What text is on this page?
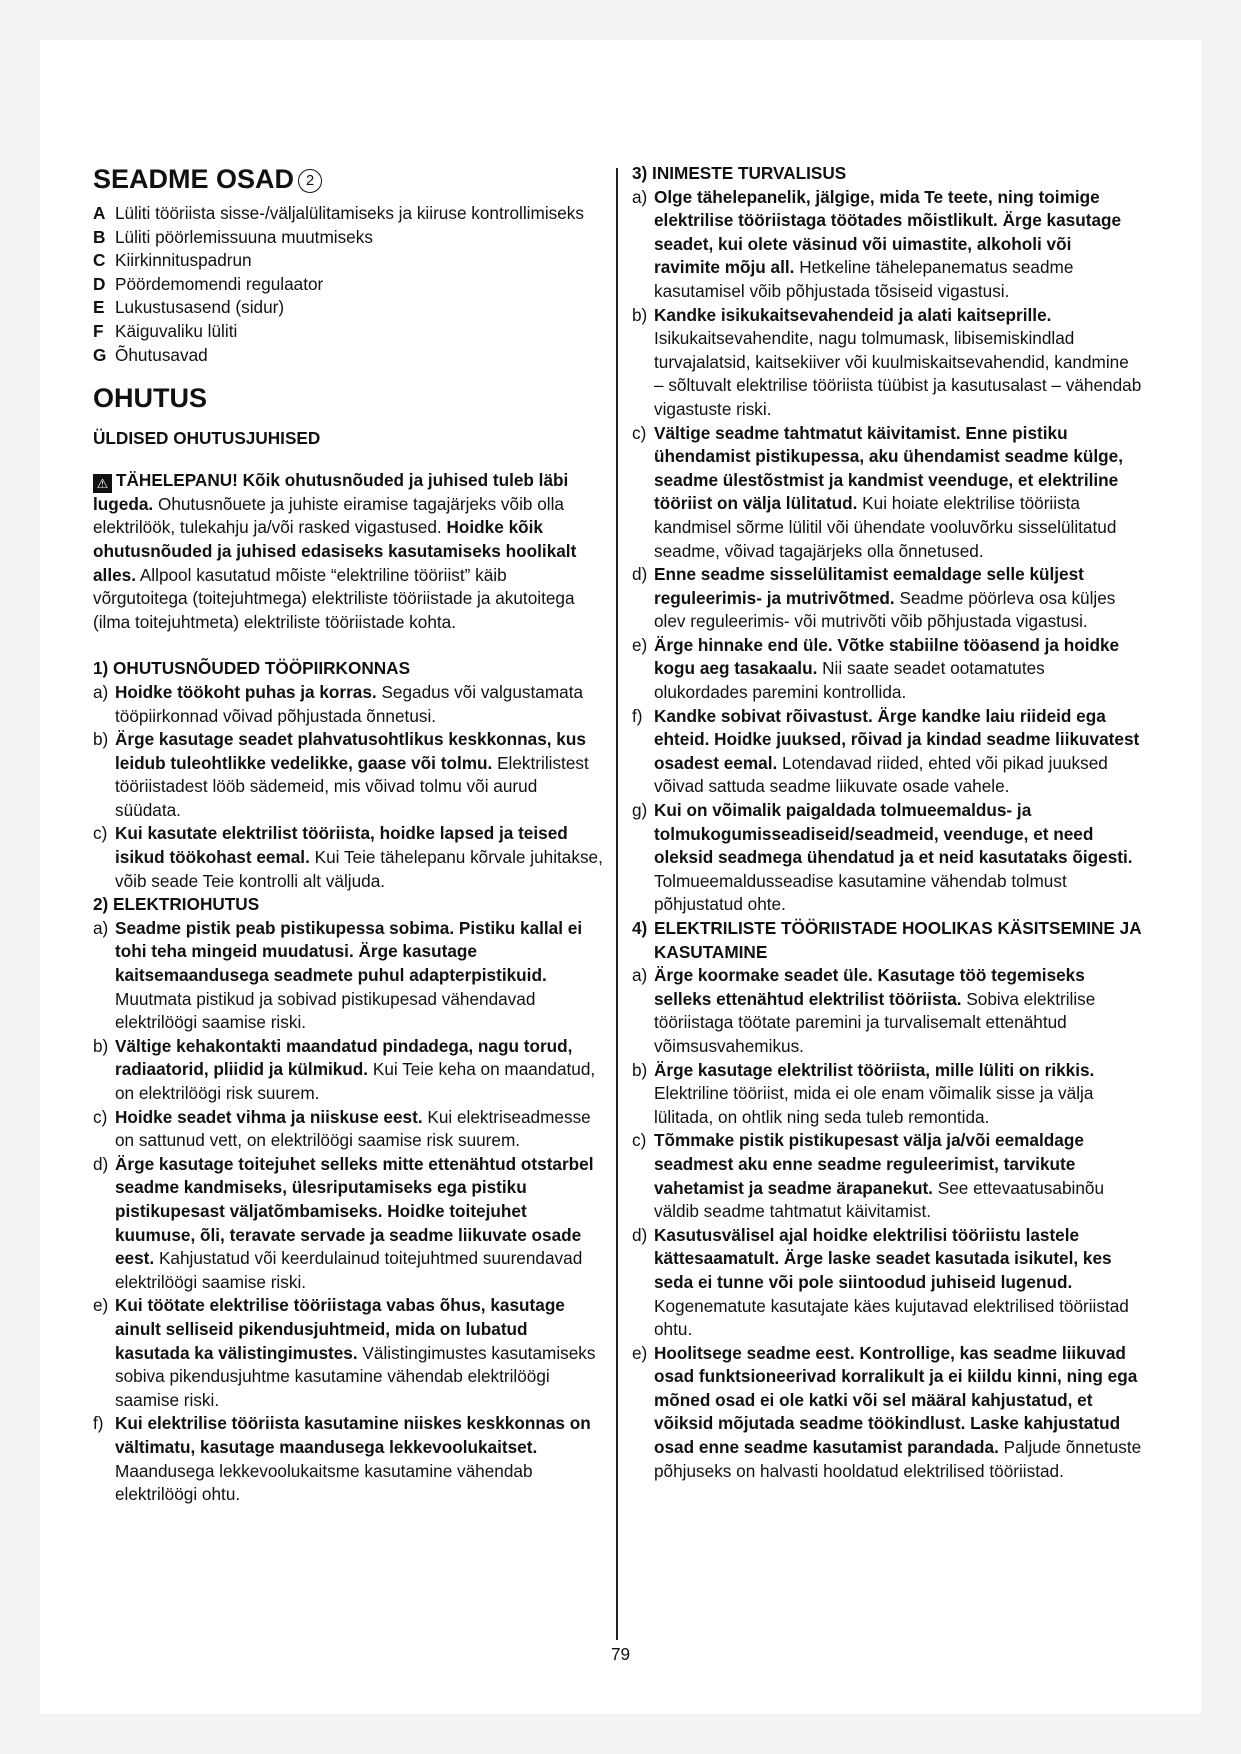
SEADME OSAD 2
A Lüliti tööriista sisse-/väljalülitamiseks ja kiiruse kontrollimiseks
B Lüliti pöörlemissuuna muutmiseks
C Kiirkinnituspadrun
D Pöördemomendi regulaator
E Lukustusasend (sidur)
F Käiguvaliku lüliti
G Õhutusavad
OHUTUS
ÜLDISED OHUTUSJUHISED

⚠ TÄHELEPANU! Kõik ohutusnõuded ja juhised tuleb läbi lugeda. Ohutusnõuete ja juhiste eiramise tagajärjeks võib olla elektrilöök, tulekahju ja/või rasked vigastused. Hoidke kõik ohutusnõuded ja juhised edasiseks kasutamiseks hoolikalt alles. Allpool kasutatud mõiste “elektriline tööriist” käib võrgutoitega (toitejuhtmega) elektriliste tööriistade ja akutoitega (ilma toitejuhtmeta) elektriliste tööriistade kohta.

1) OHUTUSNÕUDED TÖÖPIIRKONNAS
a) Hoidke töökoht puhas ja korras. Segadus või valgustamata tööpiirkonnad võivad põhjustada õnnetusi.
b) Ärge kasutage seadet plahvatusohtlikus keskkonnas, kus leidub tuleohtlikke vedelikke, gaase või tolmu. Elektrilistest tööriistadest lööb sädemeid, mis võivad tolmu või aurud süüdata.
c) Kui kasutate elektrilist tööriista, hoidke lapsed ja teised isikud töökohast eemal. Kui Teie tähelepanu kõrvale juhitakse, võib seade Teie kontrolli alt väljuda.
2) ELEKTRIOHUTUS
a) Seadme pistik peab pistikupessa sobima. Pistiku kallal ei tohi teha mingeid muudatusi. Ärge kasutage kaitsemaandusega seadmete puhul adapterpistikuid. Muutmata pistikud ja sobivad pistikupesad vähendavad elektrilöögi saamise riski.
b) Vältige kehakontakti maandatud pindadega, nagu torud, radiaatorid, pliidid ja külmikud. Kui Teie keha on maandatud, on elektrilöögi risk suurem.
c) Hoidke seadet vihma ja niiskuse eest. Kui elektriseadmesse on sattunud vett, on elektrilöögi saamise risk suurem.
d) Ärge kasutage toitejuhet selleks mitte ettenähtud otstarbel seadme kandmiseks, ülesriputamiseks ega pistiku pistikupesast väljatõmbamiseks. Hoidke toitejuhet kuumuse, õli, teravate servade ja seadme liikuvate osade eest. Kahjustatud või keerdulainud toitejuhtmed suurendavad elektrilöögi saamise riski.
e) Kui töötate elektrilise tööriistaga vabas õhus, kasutage ainult selliseid pikendusjuhtmeid, mida on lubatud kasutada ka välistingimustes. Välistingimustes kasutamiseks sobiva pikendusjuhtme kasutamine vähendab elektrilöögi saamise riski.
f) Kui elektrilise tööriista kasutamine niiskes keskkonnas on vältimatu, kasutage maandusega lekkevoolukaitset. Maandusega lekkevoolukaitsme kasutamine vähendab elektrilöögi ohtu.
3) INIMESTE TURVALISUS
a) Olge tähelepanelik, jälgige, mida Te teete, ning toimige elektrilise tööriistaga töötades mõistlikult. Ärge kasutage seadet, kui olete väsinud või uimastite, alkoholi või ravimite mõju all. Hetkeline tähelepanematus seadme kasutamisel võib põhjustada tõsiseid vigastusi.
b) Kandke isikukaitsevahendeid ja alati kaitseprille. Isikukaitsevahendite, nagu tolmumask, libisemiskindlad turvajalatsid, kaitsekiiver või kuulmiskaitsevahendid, kandmine – sõltuvalt elektrilise tööriista tüübist ja kasutusalast – vähendab vigastuste riski.
c) Vältige seadme tahtmatut käivitamist. Enne pistiku ühendamist pistikupessa, aku ühendamist seadme külge, seadme ülestõstmist ja kandmist veenduge, et elektriline tööriist on välja lülitatud. Kui hoiate elektrilise tööriista kandmisel sõrme lülitil või ühendate vooluvõrku sisselülitatud seadme, võivad tagajärjeks olla õnnetused.
d) Enne seadme sisselülitamist eemaldage selle küljest reguleerimis- ja mutrivõtmed. Seadme pöörleva osa küljes olev reguleerimis- või mutrivõti võib põhjustada vigastusi.
e) Ärge hinnake end üle. Võtke stabiilne tööasend ja hoidke kogu aeg tasakaalu. Nii saate seadet ootamatutes olukordades paremini kontrollida.
f) Kandke sobivat rõivastust. Ärge kandke laiu riideid ega ehteid. Hoidke juuksed, rõivad ja kindad seadme liikuvatest osadest eemal. Lotendavad riided, ehted või pikad juuksed võivad sattuda seadme liikuvate osade vahele.
g) Kui on võimalik paigaldada tolmueemaldus- ja tolmukogumisseadiseid/seadmeid, veenduge, et need oleksid seadmega ühendatud ja et neid kasutataks õigesti. Tolmueemaldusseadise kasutamine vähendab tolmust põhjustatud ohte.
4) ELEKTRILISTE TÖÖRIISTADE HOOLIKAS KÄSITSEMINE JA KASUTAMINE
a) Ärge koormake seadet üle. Kasutage töö tegemiseks selleks ettenähtud elektrilist tööriista. Sobiva elektrilise tööriistaga töötate paremini ja turvalisemalt ettenähtud võimsusvahemikus.
b) Ärge kasutage elektrilist tööriista, mille lüliti on rikkis. Elektriline tööriist, mida ei ole enam võimalik sisse ja välja lülitada, on ohtlik ning seda tuleb remontida.
c) Tõmmake pistik pistikupesast välja ja/või eemaldage seadmest aku enne seadme reguleerimist, tarvikute vahetamist ja seadme ärapanekut. See ettevaatusabinõu väldib seadme tahtmatut käivitamist.
d) Kasutusvälisel ajal hoidke elektrilisi tööriistu lastele kättesaamatult. Ärge laske seadet kasutada isikutel, kes seda ei tunne või pole siintoodud juhiseid lugenud. Kogenematute kasutajate käes kujutavad elektrilised tööriistad ohtu.
e) Hoolitsege seadme eest. Kontrollige, kas seadme liikuvad osad funktsioneerivad korralikult ja ei kiildu kinni, ning ega mõned osad ei ole katki või sel määral kahjustatud, et võiksid mõjutada seadme töökindlust. Laske kahjustatud osad enne seadme kasutamist parandada. Paljude õnnetuste põhjuseks on halvasti hooldatud elektrilised tööriistad.
79
